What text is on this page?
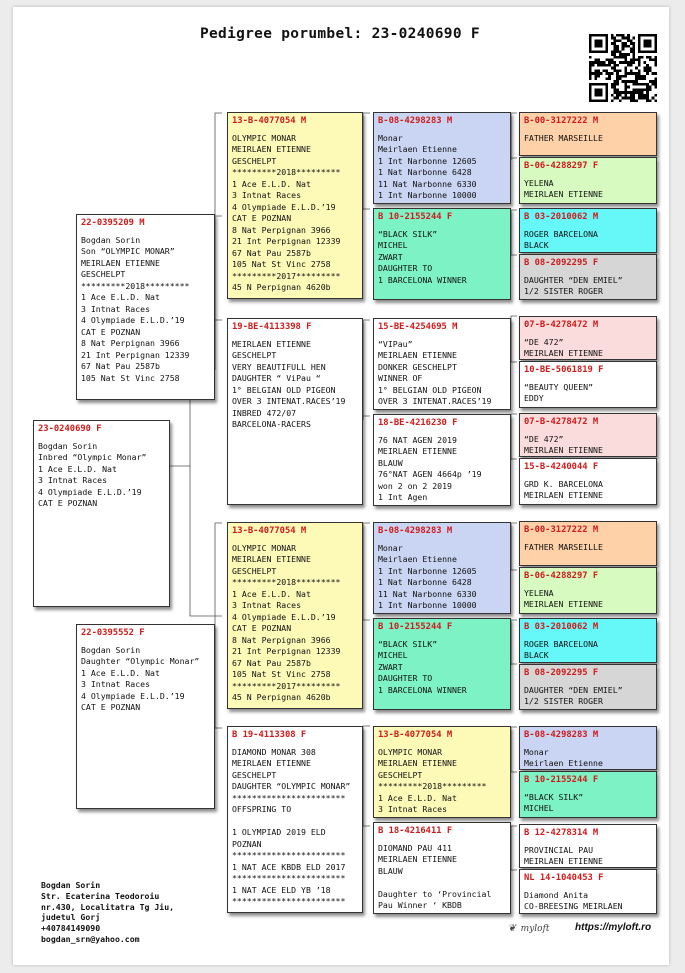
Pedigree porumbel: 23-0240690 F
23-0240690 F
Bogdan Sorin
Inbred “Olympic Monar”
1 Ace E.L.D. Nat
3 Intnat Races
4 Olympiade E.L.D.’19
CAT E POZNAN
22-0395209 M
Bogdan Sorin
Son “OLYMPIC MONAR”
MEIRLAEN ETIENNE
GESCHELPT
*********2018*********
1 Ace E.L.D. Nat
3 Intnat Races
4 Olympiade E.L.D.’19
CAT E POZNAN
8 Nat Perpignan 3966
21 Int Perpignan 12339
67 Nat Pau 2587b
105 Nat St Vinc 2758
22-0395552 F
Bogdan Sorin
Daughter “Olympic Monar”
1 Ace E.L.D. Nat
3 Intnat Races
4 Olympiade E.L.D.’19
CAT E POZNAN
13-B-4077054 M
OLYMPIC MONAR
MEIRLAEN ETIENNE
GESCHELPT
*********2018*********
1 Ace E.L.D. Nat
3 Intnat Races
4 Olympiade E.L.D.’19
CAT E POZNAN
8 Nat Perpignan 3966
21 Int Perpignan 12339
67 Nat Pau 2587b
105 Nat St Vinc 2758
*********2017*********
45 N Perpignan 4620b
19-BE-4113398 F
MEIRLAEN ETIENNE
GESCHELPT
VERY BEAUTIFULL HEN
DAUGHTER “ ViPau “
1° BELGIAN OLD PIGEON
OVER 3 INTENAT.RACES’19
INBRED 472/07
BARCELONA-RACERS
13-B-4077054 M
OLYMPIC MONAR
MEIRLAEN ETIENNE
GESCHELPT
*********2018*********
1 Ace E.L.D. Nat
3 Intnat Races
4 Olympiade E.L.D.’19
CAT E POZNAN
8 Nat Perpignan 3966
21 Int Perpignan 12339
67 Nat Pau 2587b
105 Nat St Vinc 2758
*********2017*********
45 N Perpignan 4620b
B 19-4113308 F
DIAMOND MONAR 308
MEIRLAEN ETIENNE
GESCHELPT
DAUGHTER “OLYMPIC MONAR”
***********************
OFFSPRING TO

1 OLYMPIAD 2019 ELD
POZNAN
***********************
1 NAT ACE KBDB ELD 2017
***********************
1 NAT ACE ELD YB ’18
***********************
B-08-4298283 M
Monar
Meirlaen Etienne
1 Int Narbonne 12605
1 Nat Narbonne 6428
11 Nat Narbonne 6330
1 Int Narbonne 10000
B 10-2155244 F
“BLACK SILK”
MICHEL
ZWART
DAUGHTER TO
1 BARCELONA WINNER
15-BE-4254695 M
“VIPau”
MEIRLAEN ETIENNE
DONKER GESCHELPT
WINNER OF
1° BELGIAN OLD PIGEON
OVER 3 INTENAT.RACES’19
18-BE-4216230 F
76 NAT AGEN 2019
MEIRLAEN ETIENNE
BLAUW
76°NAT AGEN 4664p ’19
won 2 on 2 2019
1 Int Agen
B-08-4298283 M
Monar
Meirlaen Etienne
1 Int Narbonne 12605
1 Nat Narbonne 6428
11 Nat Narbonne 6330
1 Int Narbonne 10000
B 10-2155244 F
“BLACK SILK”
MICHEL
ZWART
DAUGHTER TO
1 BARCELONA WINNER
13-B-4077054 M
OLYMPIC MONAR
MEIRLAEN ETIENNE
GESCHELPT
*********2018*********
1 Ace E.L.D. Nat
3 Intnat Races
B 18-4216411 F
DIOMAND PAU 411
MEIRLAEN ETIENNE
BLAUW

Daughter to ‘Provincial
Pau Winner ‘ KBDB
B-00-3127222 M
FATHER MARSEILLE
B-06-4288297 F
YELENA
MEIRLAEN ETIENNE
B 03-2010062 M
ROGER BARCELONA
BLACK
B 08-2092295 F
DAUGHTER “DEN EMIEL”
1/2 SISTER ROGER
07-B-4278472 M
“DE 472”
MEIRLAEN ETIENNE
10-BE-5061819 F
“BEAUTY QUEEN”
EDDY
07-B-4278472 M
“DE 472”
MEIRLAEN ETIENNE
15-B-4240044 F
GRD K. BARCELONA
MEIRLAEN ETIENNE
B-00-3127222 M
FATHER MARSEILLE
B-06-4288297 F
YELENA
MEIRLAEN ETIENNE
B 03-2010062 M
ROGER BARCELONA
BLACK
B 08-2092295 F
DAUGHTER “DEN EMIEL”
1/2 SISTER ROGER
B-08-4298283 M
Monar
Meirlaen Etienne
B 10-2155244 F
“BLACK SILK”
MICHEL
B 12-4278314 M
PROVINCIAL PAU
MEIRLAEN ETIENNE
NL 14-1040453 F
Diamond Anita
CO-BREESING MEIRLAEN
Bogdan Sorin
Str. Ecaterina Teodoroiu
nr.430, Localitatra Tg Jiu,
judetul Gorj
+40784149090
bogdan_srn@yahoo.com
❦ myloft	https://myloft.ro
